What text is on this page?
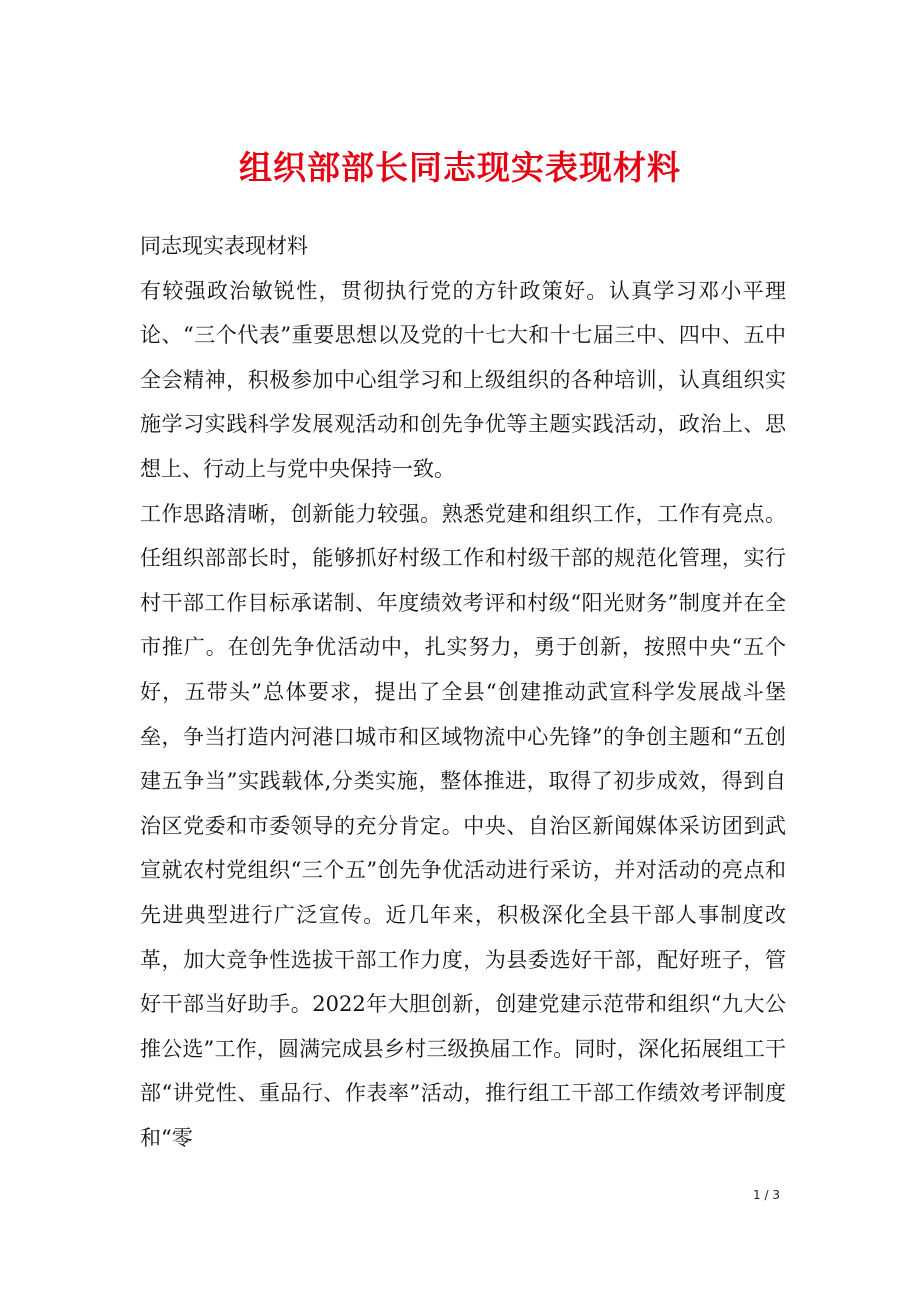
组织部部长同志现实表现材料

同志现实表现材料

有较强政治敏锐性，贯彻执行党的方针政策好。认真学习邓小平理论、“三个代表”重要思想以及党的十七大和十七届三中、四中、五中全会精神，积极参加中心组学习和上级组织的各种培训，认真组织实施学习实践科学发展观活动和创先争优等主题实践活动，政治上、思想上、行动上与党中央保持一致。

工作思路清晰，创新能力较强。熟悉党建和组织工作，工作有亮点。任组织部部长时，能够抓好村级工作和村级干部的规范化管理，实行村干部工作目标承诺制、年度绩效考评和村级“阳光财务”制度并在全市推广。在创先争优活动中，扎实努力，勇于创新，按照中央“五个好，五带头”总体要求，提出了全县“创建推动武宣科学发展战斗堡垒，争当打造内河港口城市和区域物流中心先锋”的争创主题和“五创建五争当”实践载体,分类实施，整体推进，取得了初步成效，得到自治区党委和市委领导的充分肯定。中央、自治区新闻媒体采访团到武宣就农村党组织“三个五”创先争优活动进行采访，并对活动的亮点和先进典型进行广泛宣传。近几年来，积极深化全县干部人事制度改革，加大竞争性选拔干部工作力度，为县委选好干部，配好班子，管好干部当好助手。2022年大胆创新，创建党建示范带和组织“九大公推公选”工作，圆满完成县乡村三级换届工作。同时，深化拓展组工干部“讲党性、重品行、作表率”活动，推行组工干部工作绩效考评制度和“零

1 / 3
